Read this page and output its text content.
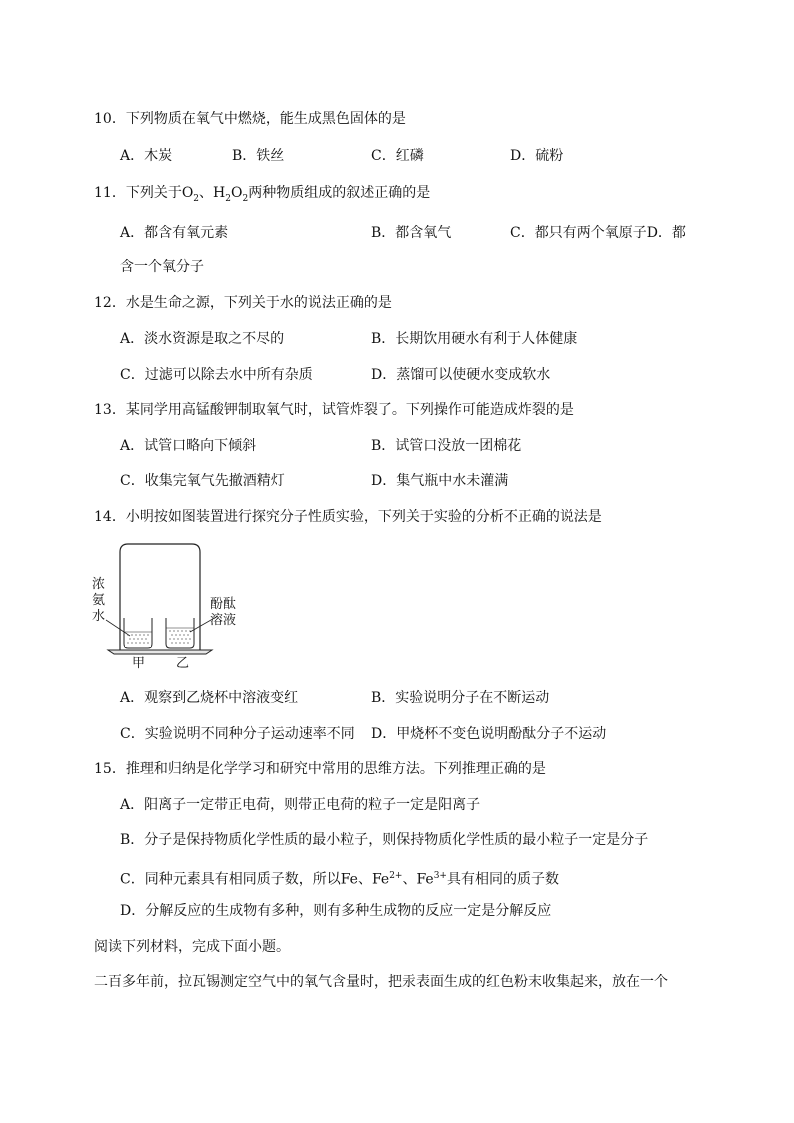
10．下列物质在氧气中燃烧，能生成黑色固体的是
A．木炭	B．铁丝	C．红磷	D．硫粉
11．下列关于$O_2$、$H_2O_2$两种物质组成的叙述正确的是
A．都含有氧元素	B．都含氧气	C．都只有两个氧原子D．都
含一个氧分子
12．水是生命之源，下列关于水的说法正确的是
A．淡水资源是取之不尽的	B．长期饮用硬水有利于人体健康
C．过滤可以除去水中所有杂质	D．蒸馏可以使硬水变成软水
13．某同学用高锰酸钾制取氧气时，试管炸裂了。下列操作可能造成炸裂的是
A．试管口略向下倾斜	B．试管口没放一团棉花
C．收集完氧气先撤酒精灯	D．集气瓶中水未灌满
14．小明按如图装置进行探究分子性质实验，下列关于实验的分析不正确的说法是
浓
氨
水
酚酞
溶液
甲 乙
A．观察到乙烧杯中溶液变红	B．实验说明分子在不断运动
C．实验说明不同种分子运动速率不同 D．甲烧杯不变色说明酚酞分子不运动
15．推理和归纳是化学学习和研究中常用的思维方法。下列推理正确的是
A．阳离子一定带正电荷，则带正电荷的粒子一定是阳离子
B．分子是保持物质化学性质的最小粒子，则保持物质化学性质的最小粒子一定是分子
C．同种元素具有相同质子数，所以Fe、$Fe^{2+}$、$Fe^{3+}$具有相同的质子数
D．分解反应的生成物有多种，则有多种生成物的反应一定是分解反应
阅读下列材料，完成下面小题。
二百多年前，拉瓦锡测定空气中的氧气含量时，把汞表面生成的红色粉末收集起来，放在一个
